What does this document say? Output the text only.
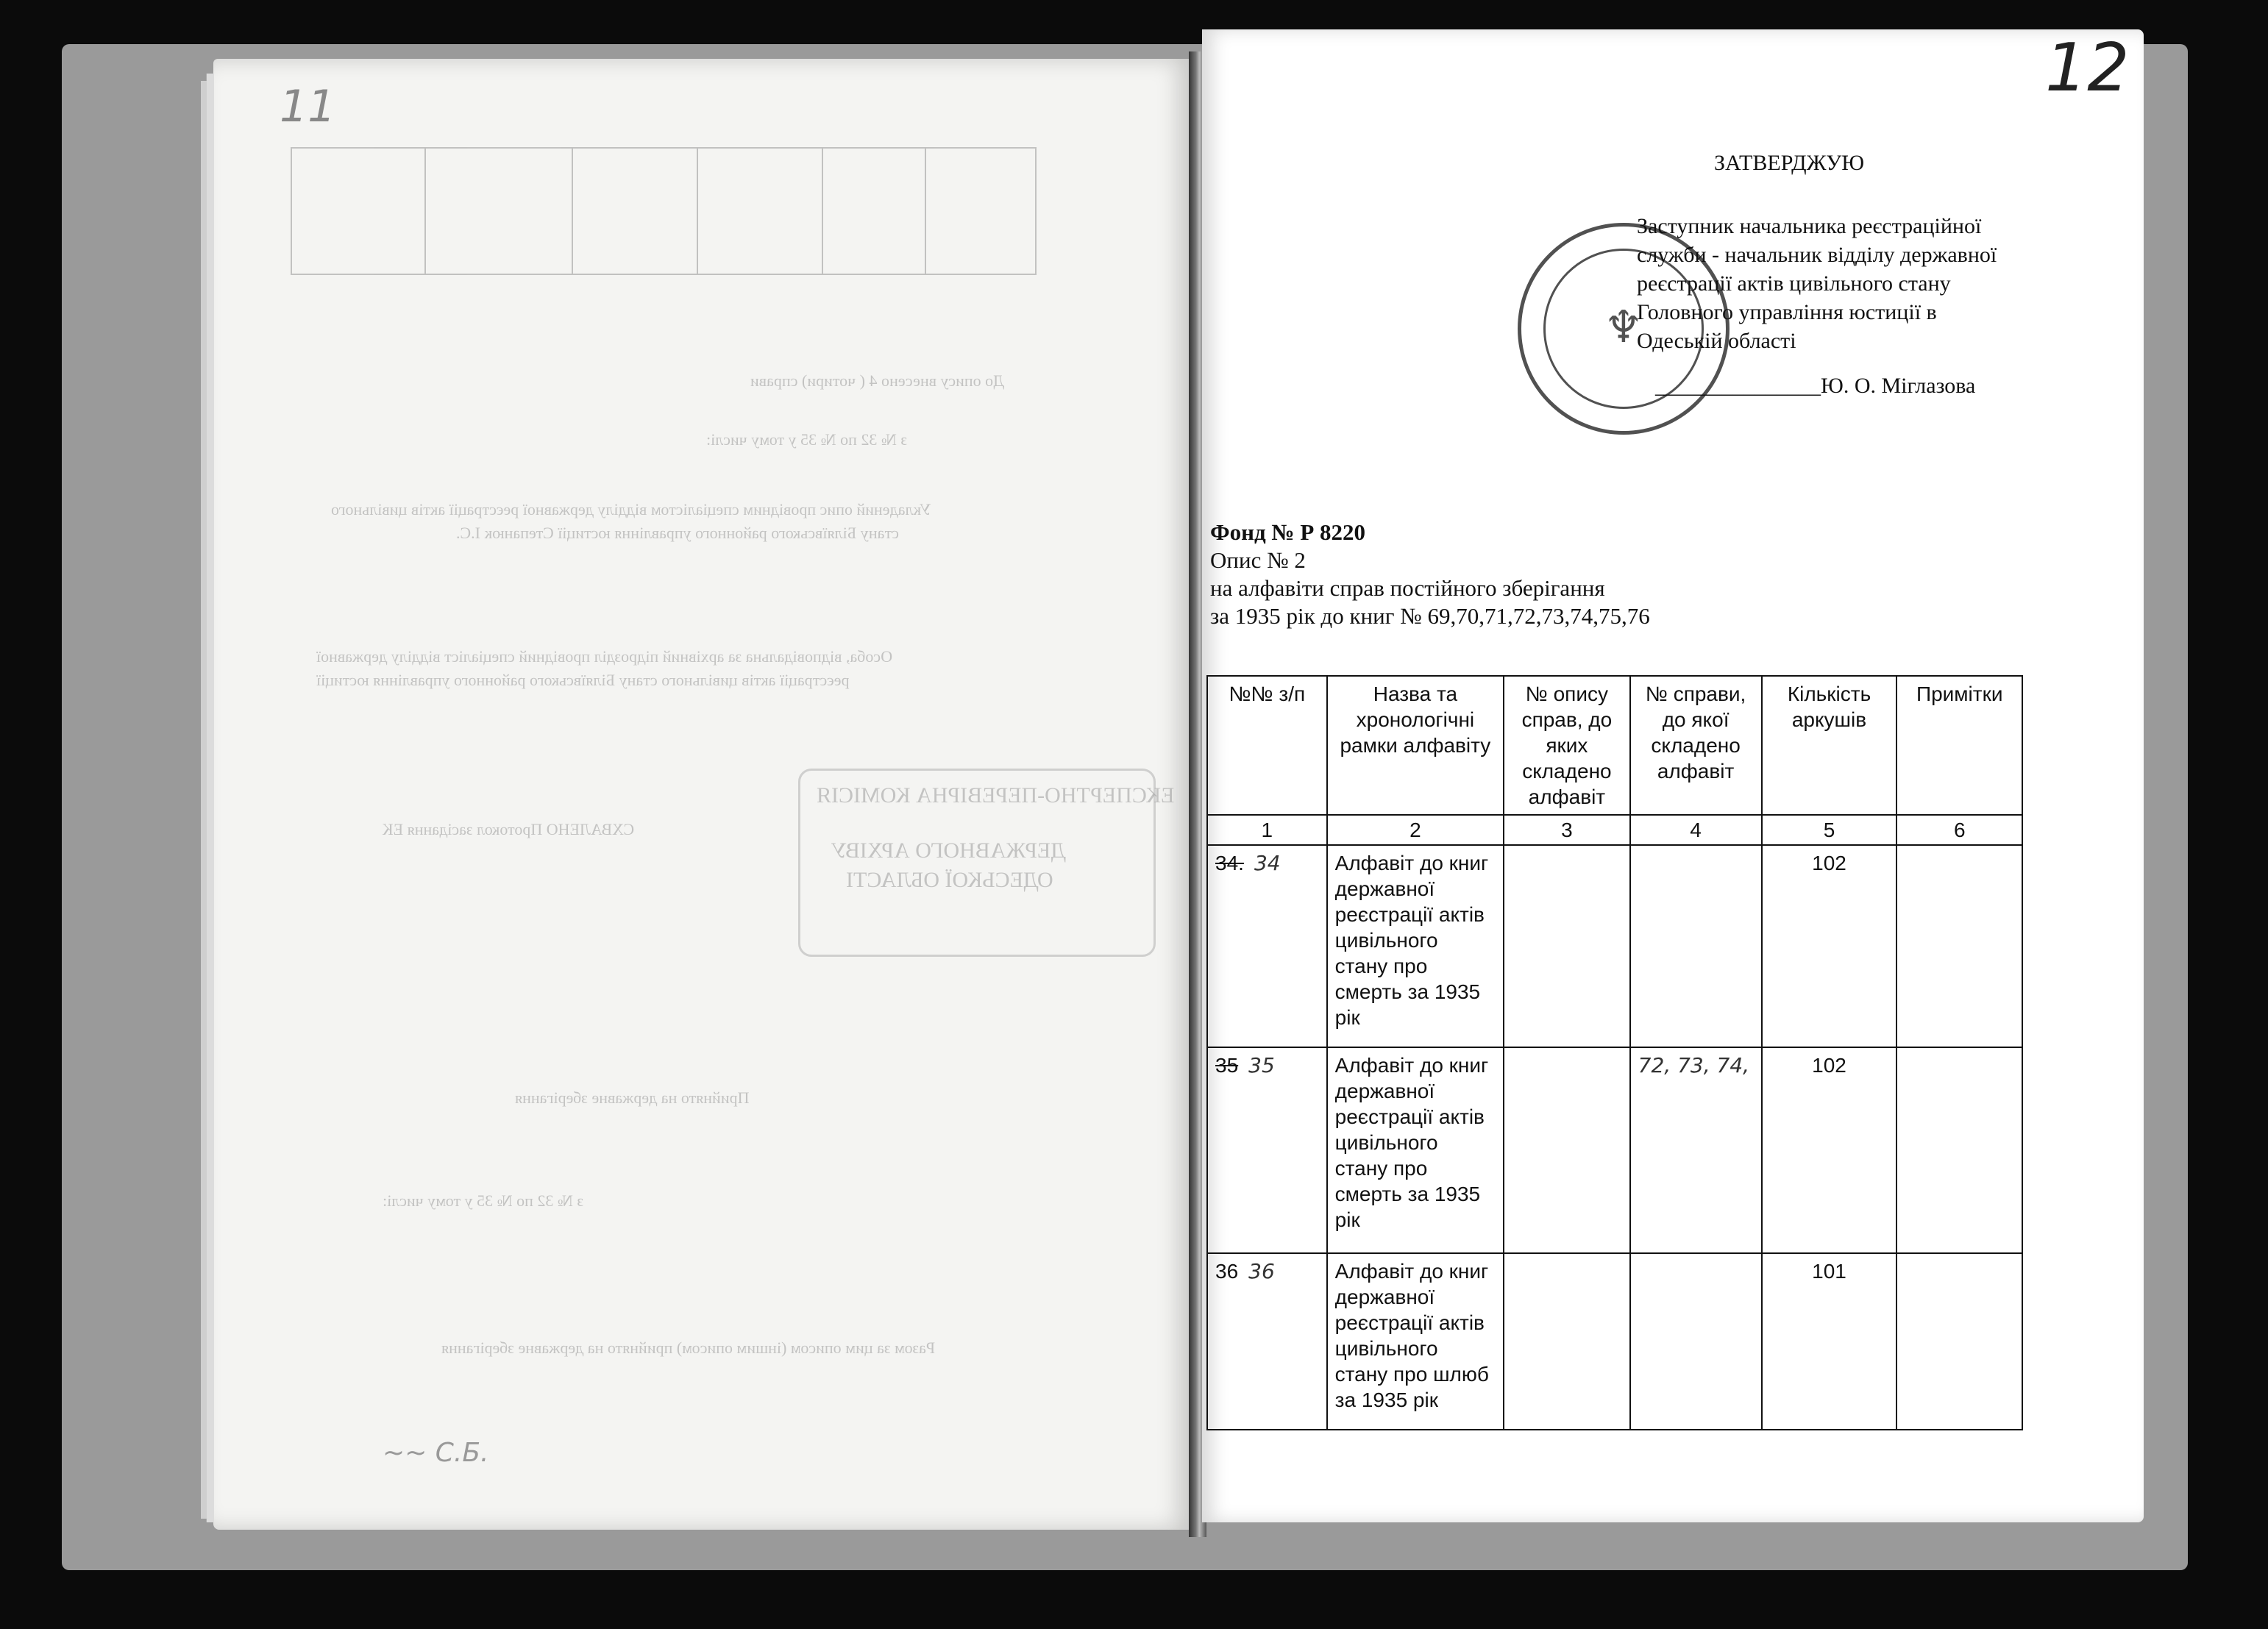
До опису внесено 4 ( чотири) справи
з № 32 по № 35 у тому числі:
Укладений опис провідним спеціалістом відділу державної реєстрації актів цивільного
стану Біляївського районного управління юстиції Степанюк І.С.
Особа, відповідальна за архівний підрозділ провідний спеціаліст відділу державної
реєстрації актів цивільного стану Біляївського районного управління юстиції
ЕКСПЕРТНО-ПЕРЕВІРНА КОМІСІЯ
ДЕРЖАВНОГО АРХІВУ
ОДЕСЬКОЇ ОБЛАСТІ
СХВАЛЕНО Протокол засідання ЕК
Прийнято на державне зберігання
з № 32 по № 35 у тому числі:
Разом за цим описом (іншим описом) прийнято на державне зберігання
11
~~ С.Б.
12
♆
ЗАТВЕРДЖУЮ
Заступник начальника реєстраційної
служби - начальник відділу державної
реєстрації актів цивільного стану
Головного управління юстиції в
Одеській області
_______________Ю. О. Міглазова
Фонд № Р 8220
Опис № 2
на алфавіти справ постійного зберігання
за 1935 рік до книг № 69,70,71,72,73,74,75,76
№№ з/п	Назва та хронологічні рамки алфавіту	№ опису справ, до яких складено алфавіт	№ справи, до якої складено алфавіт	Кількість аркушів	Примітки
1	2	3	4	5	6
34. 34	Алфавіт до книг державної реєстрації актів цивільного стану про смерть за 1935 рік			102	
35 35	Алфавіт до книг державної реєстрації актів цивільного стану про смерть за 1935 рік		72, 73, 74,	102	
36 36	Алфавіт до книг державної реєстрації актів цивільного стану про шлюб за 1935 рік			101	
